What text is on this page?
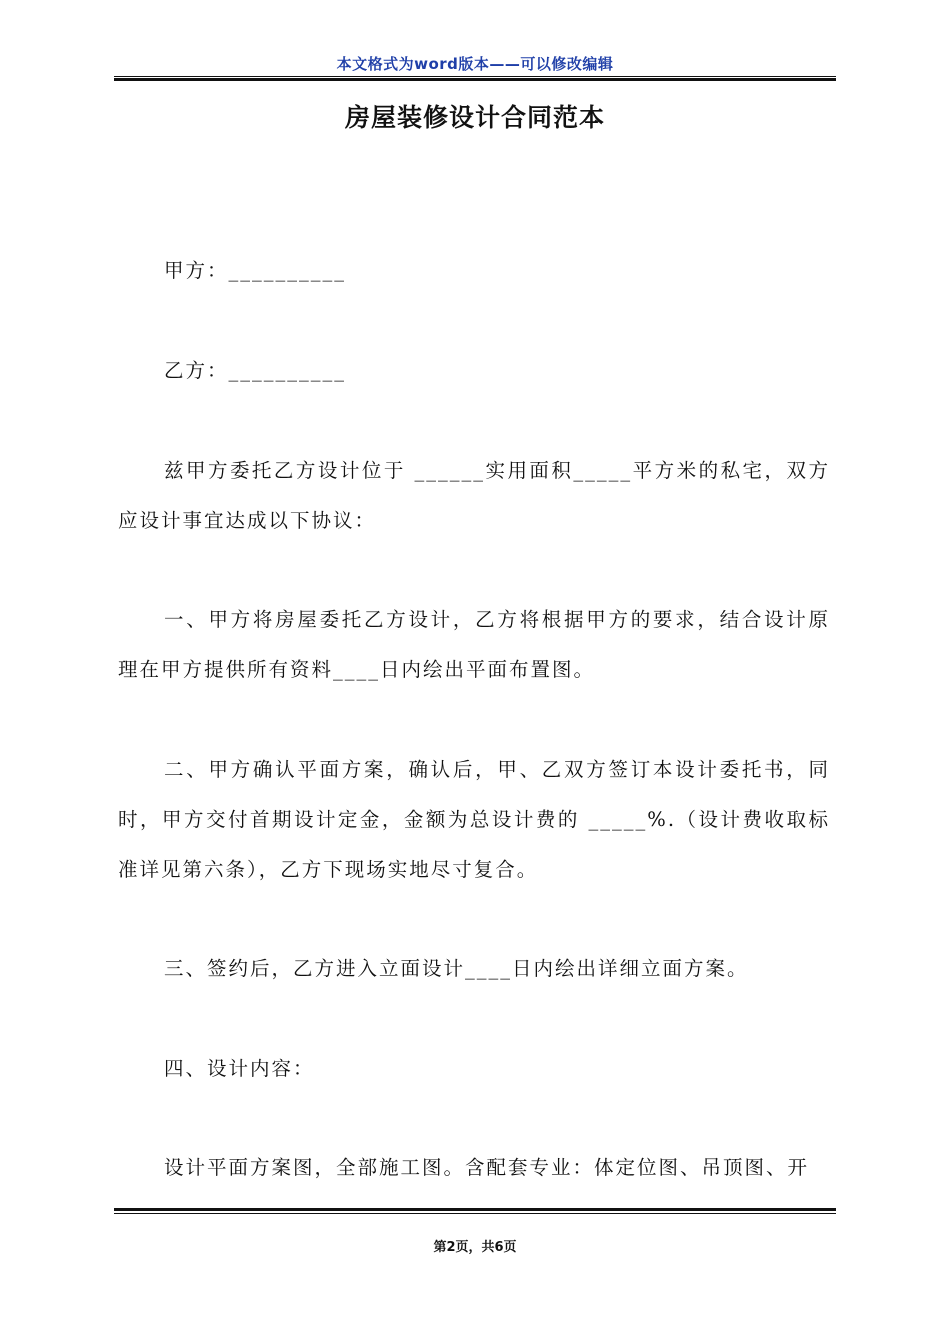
本文格式为word版本——可以修改编辑
房屋装修设计合同范本

甲方：__________

乙方：__________

兹甲方委托乙方设计位于 ______实用面积_____平方米的私宅，双方应设计事宜达成以下协议：

一、甲方将房屋委托乙方设计，乙方将根据甲方的要求，结合设计原理在甲方提供所有资料____日内绘出平面布置图。

二、甲方确认平面方案，确认后，甲、乙双方签订本设计委托书，同时，甲方交付首期设计定金，金额为总设计费的 _____%.（设计费收取标准详见第六条），乙方下现场实地尽寸复合。

三、签约后，乙方进入立面设计____日内绘出详细立面方案。

四、设计内容：

设计平面方案图，全部施工图。含配套专业：体定位图、吊顶图、开

第2页，共6页
